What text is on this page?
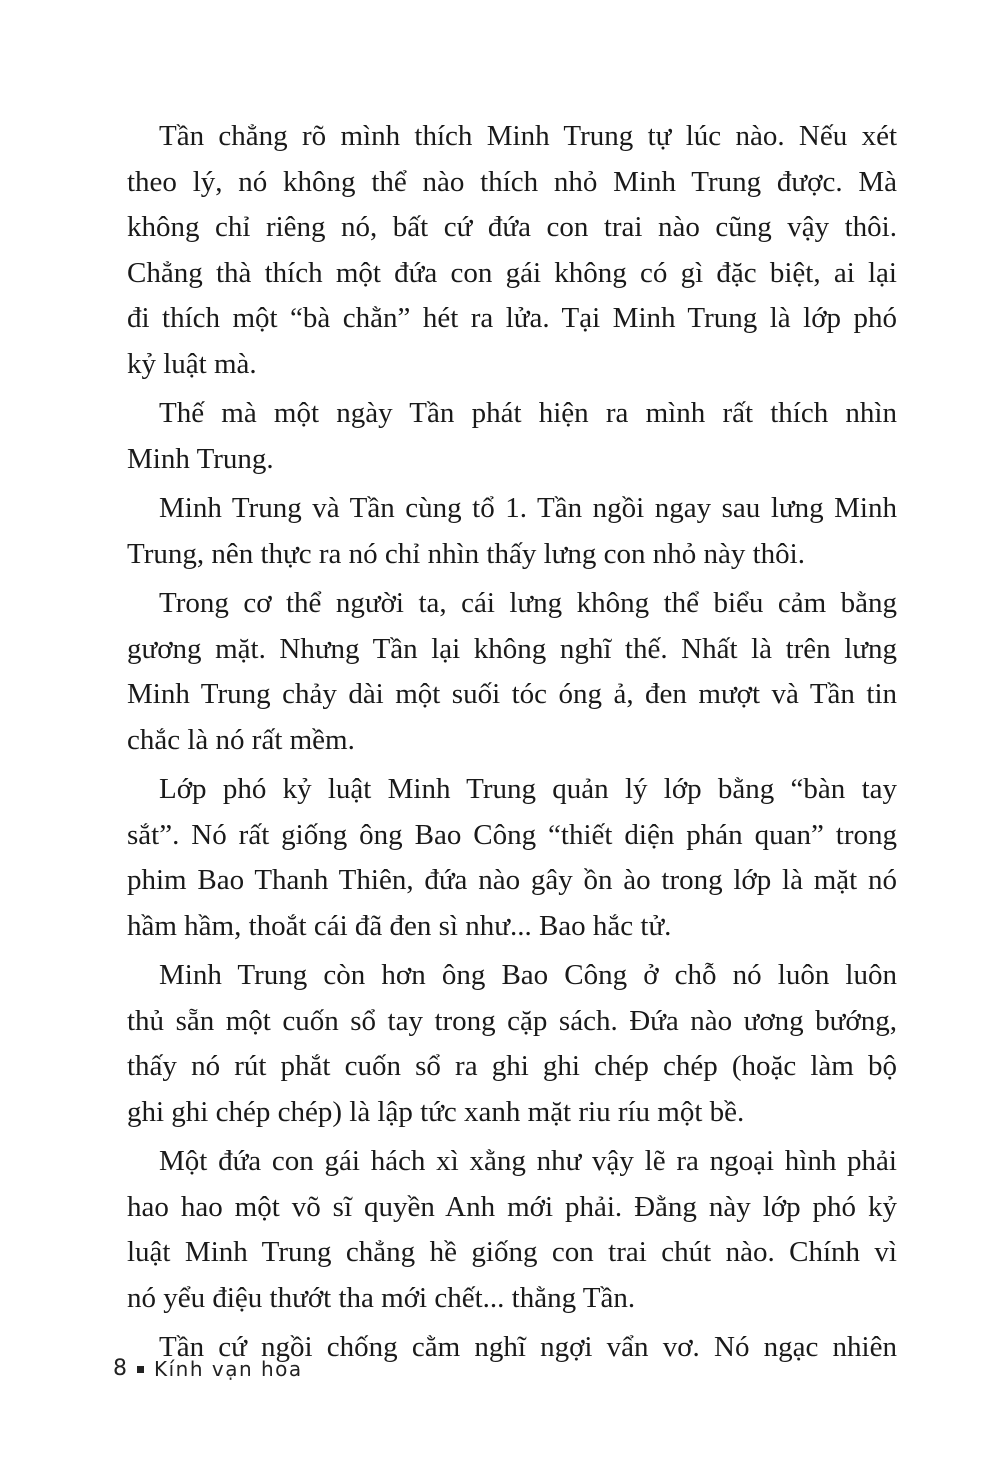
Tần chẳng rõ mình thích Minh Trung tự lúc nào. Nếu xét
theo lý, nó không thể nào thích nhỏ Minh Trung được. Mà
không chỉ riêng nó, bất cứ đứa con trai nào cũng vậy thôi.
Chẳng thà thích một đứa con gái không có gì đặc biệt, ai lại
đi thích một “bà chằn” hét ra lửa. Tại Minh Trung là lớp phó
kỷ luật mà.
Thế mà một ngày Tần phát hiện ra mình rất thích nhìn
Minh Trung.
Minh Trung và Tần cùng tổ 1. Tần ngồi ngay sau lưng Minh
Trung, nên thực ra nó chỉ nhìn thấy lưng con nhỏ này thôi.
Trong cơ thể người ta, cái lưng không thể biểu cảm bằng
gương mặt. Nhưng Tần lại không nghĩ thế. Nhất là trên lưng
Minh Trung chảy dài một suối tóc óng ả, đen mượt và Tần tin
chắc là nó rất mềm.
Lớp phó kỷ luật Minh Trung quản lý lớp bằng “bàn tay
sắt”. Nó rất giống ông Bao Công “thiết diện phán quan” trong
phim Bao Thanh Thiên, đứa nào gây ồn ào trong lớp là mặt nó
hầm hầm, thoắt cái đã đen sì như... Bao hắc tử.
Minh Trung còn hơn ông Bao Công ở chỗ nó luôn luôn
thủ sẵn một cuốn sổ tay trong cặp sách. Đứa nào ương bướng,
thấy nó rút phắt cuốn sổ ra ghi ghi chép chép (hoặc làm bộ
ghi ghi chép chép) là lập tức xanh mặt riu ríu một bề.
Một đứa con gái hách xì xằng như vậy lẽ ra ngoại hình phải
hao hao một võ sĩ quyền Anh mới phải. Đằng này lớp phó kỷ
luật Minh Trung chẳng hề giống con trai chút nào. Chính vì
nó yểu điệu thướt tha mới chết... thằng Tần.
Tần cứ ngồi chống cằm nghĩ ngợi vẩn vơ. Nó ngạc nhiên
8 Kính vạn hoa
